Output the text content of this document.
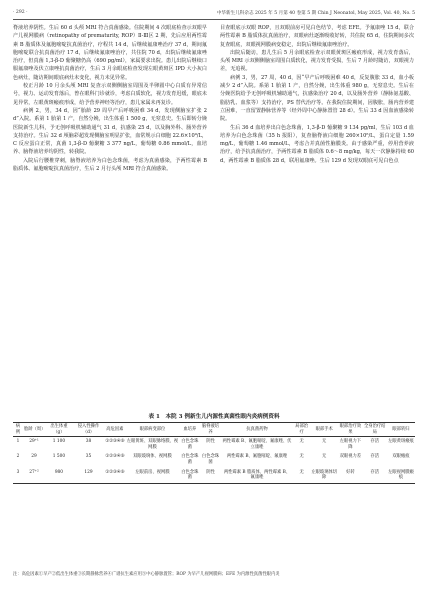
· 292 ·	中华新生儿科杂志 2025 年 5 月第 40 卷第 5 期 Chin J Neonatol, May 2025, Vol. 40, No. 5

脊液培养阴性。生后 60 d 头颅 MRI 符合真菌感染。住院期间 4 次眼底检查示双眼早产儿视网膜病（retinopathy of prematurity, ROP）Ⅱ-Ⅲ区 2 期，先后应用两性霉素 B 脂质体及氟胞嘧啶抗真菌治疗，疗程共 14 d，后继续氟康唑治疗 37 d，期间氟胞嘧啶联合抗真菌治疗 17 d，后继续氟康唑治疗，共住院 70 d，出院后继续氟康唑治疗，但真菌 1,3-β-D 葡聚糖仍高（690 pg/ml），家属要求出院。患儿出院后继续口服氟康唑及伏立康唑抗真菌治疗，生后 3 月余眼底检查发现左眼黄斑区 IPD 大小灰白色病灶，随访期间眼底病灶未变化，视力未见异常。

校正月龄 10 月余头颅 MRI 复查示双侧侧脑室周围及半卵圆中心白质有异常信号，视力、运动发育落后，曾在眼科门诊就诊，考虑白质软化，视力发育迟缓，眼底未见异常，左眼黄斑瘢痕形成，给予营养神经等治疗，患儿家属未再复诊。

病例 2，男，34 d，因“胎龄 29 周早产后呼吸困难 34 d，发现侧脑室扩张 2 d”入院。系第 1 胎第 1 产，自然分娩，出生体重 1 500 g，无窒息史。生后即转分娩医院新生儿科，予无创呼吸机辅助通气 31 d，抗感染 25 d，以及胸外科、肠外营养支持治疗。生后 32 d 颅脑彩超发现侧脑室明显扩张，血常规示白细胞 22.6×10⁹/L，C 反应蛋白正常，真菌 1,3-β-D 葡聚糖 3 377 ng/L，葡萄糖 0.86 mmol/L，血培养、脑脊液培养均阴性，转我院。

入院后行腰椎穿刺，脑脊液培养为白色念珠菌，考虑为真菌感染，予两性霉素 B 脂质体、氟胞嘧啶抗真菌治疗，生后 2 月行头颅 MRI 符合真菌感染。

目查眼底示双眼 ROP，且双眼前房可见白色结节，考虑 EFE。予氟康唑 15 d，联合两性霉素 B 脂质体抗真菌治疗，双眼病灶逐渐吸收好转，共住院 65 d，住院期间多次复查眼底，双眼视网膜病变稳定，出院后继续氟康唑治疗。

出院后随访，患儿生后 5 月余眼底检查示双眼黄斑区瘢痕形成，视力发育落后，头颅 MRI 示双侧侧脑室周围白质软化，视力发育受损，生后 7 月龄时随访，双眼视力差，无追视。

病例 3，男，27 周，40 d，因“早产后呼吸困难 40 d，反复腹胀 33 d，血小板减少 2 d”入院。系第 1 胎第 1 产，自然分娩，出生体重 980 g，无窒息史。生后在分娩医院给予无创呼吸机辅助通气，抗感染治疗 20 d，以及肠外营养（静脉氨基酸、脂肪乳、血浆等）支持治疗，PS 替代治疗等。在我院住院期间，因腹胀，肠内营养建立困难，一直留置静脉营养等（经外周中心静脉置管 28 d）。生后 33 d 因血液感染转院。

生后 36 d 血培养出白色念珠菌，1,3-β-D 葡聚糖 9 134 pg/ml，生后 103 d 血培养为白色念珠菌（35 h 报阳），复查脑脊液白细胞 260×10⁶/L，蛋白定量 1.59 mg/L，葡萄糖 1.46 mmol/L，考虑合并真菌性脑膜炎。由于感染严重，停用营养液治疗，给予抗真菌治疗，予两性霉素 B 脂质体 0.6～8 mg/kg，每天一次静脉持续 60 d，两性霉素 B 脂质体 28 d，联用氟康唑。生后 129 d 发现双眼底可见白色点

表 1　本院 3 例新生儿内源性真菌性眼内炎病例资料
病例	胎龄（周）	出生体重（g）	侵入性操作（d）	高危因素	眼部病变部位	血培养	脑脊液培养	抗真菌药物	局部治疗	眼部手术	眼部治疗效果	全身治疗结局	眼部转归
1	29⁺¹	1 100	38	①②③④⑤	左眼黄斑、双眼脉络膜、视网膜	白色念珠菌	阴性	两性霉素 B、氟胞嘧啶、氟康唑、伏立康唑	无	无	左眼视力下降	存活	左眼黄斑瘢痕
2	29	1 500	35	①②③④⑤	双眼玻璃体、视网膜	白色念珠菌	白色念珠菌	两性霉素 B、氟胞嘧啶、氟康唑	无	无	双眼视力差	存活	双眼瘢痕
3	27⁺²	980	129	①②③④⑤	左眼前房、视网膜	白色念珠菌	阴性	两性霉素 B 脂质体、两性霉素 B、氟康唑	无	左眼玻璃体切除	好转	存活	左眼视网膜瘢痕
注：高危因素①早产②低出生体重③长期静脉营养④广谱抗生素应用⑤中心静脉置管；ROP 为早产儿视网膜病；EFE 为内源性真菌性眼内炎
